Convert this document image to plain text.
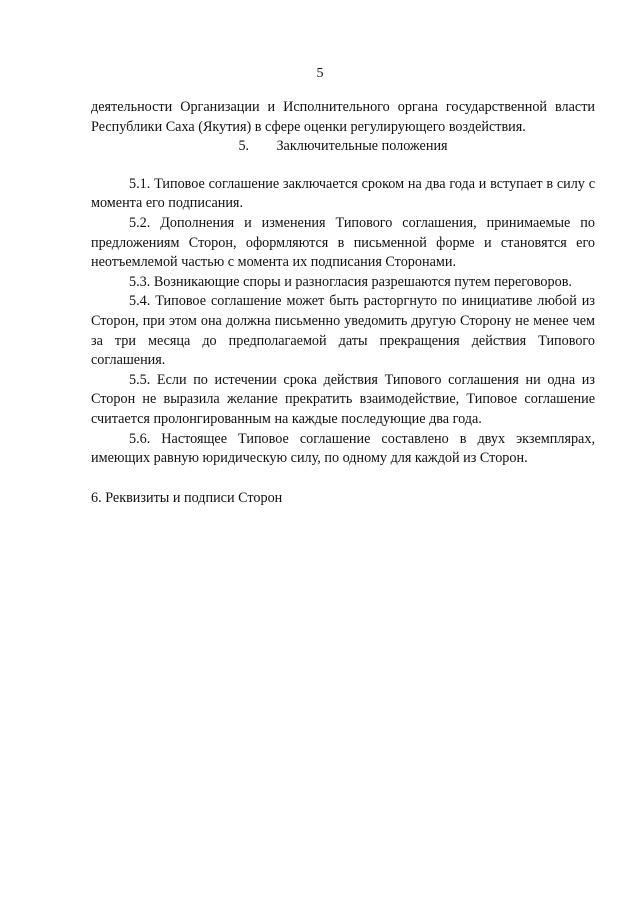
5

деятельности Организации и Исполнительного органа государственной власти Республики Саха (Якутия) в сфере оценки регулирующего воздействия.

5.	Заключительные положения

5.1. Типовое соглашение заключается сроком на два года и вступает в силу с момента его подписания.

5.2. Дополнения и изменения Типового соглашения, принимаемые по предложениям Сторон, оформляются в письменной форме и становятся его неотъемлемой частью с момента их подписания Сторонами.

5.3. Возникающие споры и разногласия разрешаются путем переговоров.

5.4. Типовое соглашение может быть расторгнуто по инициативе любой из Сторон, при этом она должна письменно уведомить другую Сторону не менее чем за три месяца до предполагаемой даты прекращения действия Типового соглашения.

5.5. Если по истечении срока действия Типового соглашения ни одна из Сторон не выразила желание прекратить взаимодействие, Типовое соглашение считается пролонгированным на каждые последующие два года.

5.6. Настоящее Типовое соглашение составлено в двух экземплярах, имеющих равную юридическую силу, по одному для каждой из Сторон.

6. Реквизиты и подписи Сторон
